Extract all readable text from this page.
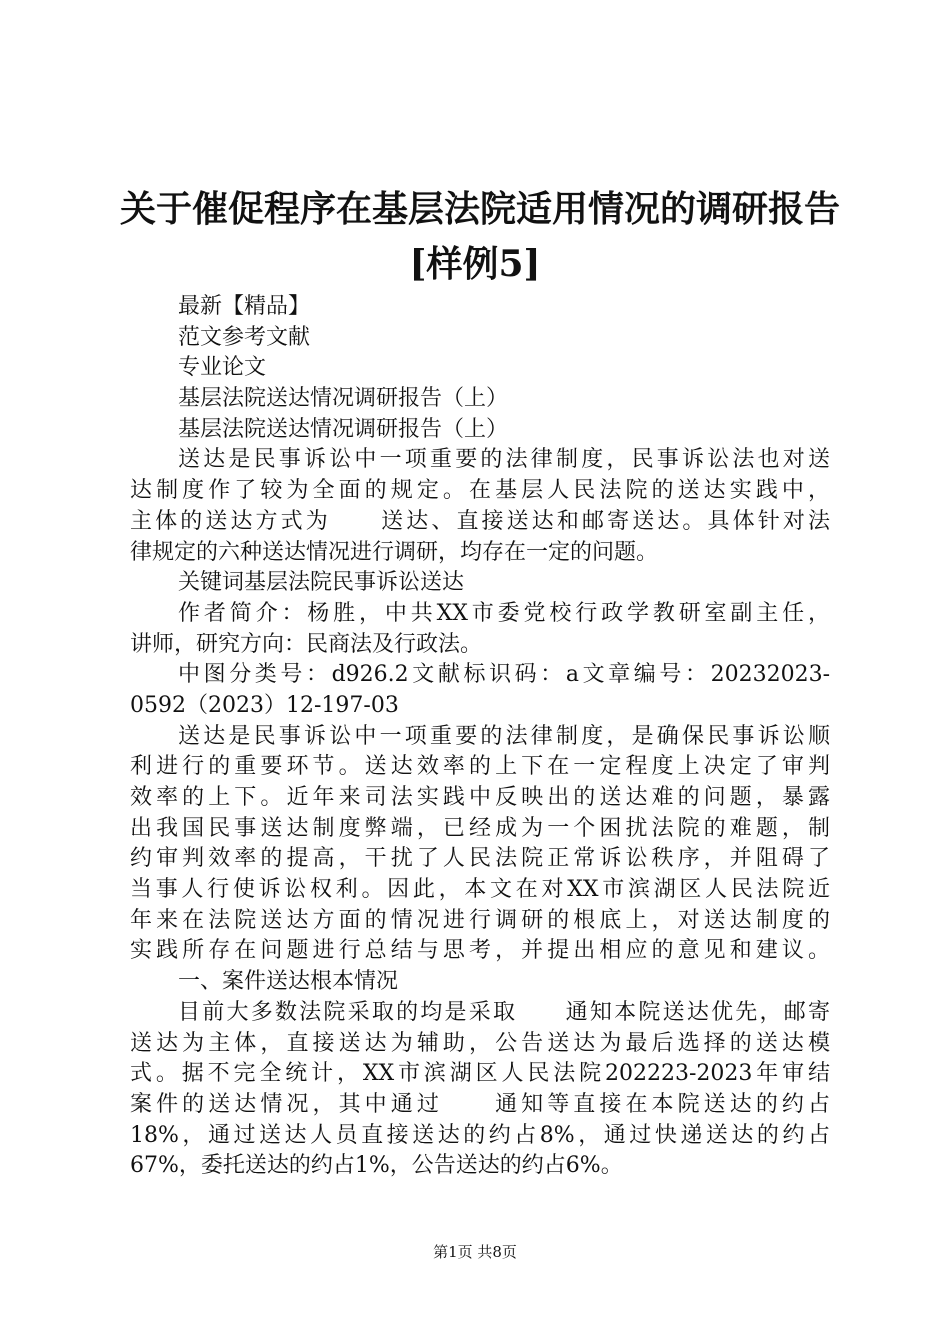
关于催促程序在基层法院适用情况的调研报告
[样例5]
最新【精品】
范文参考文献
专业论文
基层法院送达情况调研报告（上）
基层法院送达情况调研报告（上）
送达是民事诉讼中一项重要的法律制度，民事诉讼法也对送
达制度作了较为全面的规定。在基层人民法院的送达实践中，
主体的送达方式为　　送达、直接送达和邮寄送达。具体针对法
律规定的六种送达情况进行调研，均存在一定的问题。
关键词基层法院民事诉讼送达
作者简介：杨胜，中共XX市委党校行政学教研室副主任，
讲师，研究方向：民商法及行政法。
中图分类号：d926.2文献标识码：a文章编号：20232023-
0592（2023）12-197-03
送达是民事诉讼中一项重要的法律制度，是确保民事诉讼顺
利进行的重要环节。送达效率的上下在一定程度上决定了审判
效率的上下。近年来司法实践中反映出的送达难的问题，暴露
出我国民事送达制度弊端，已经成为一个困扰法院的难题，制
约审判效率的提高，干扰了人民法院正常诉讼秩序，并阻碍了
当事人行使诉讼权利。因此，本文在对XX市滨湖区人民法院近
年来在法院送达方面的情况进行调研的根底上，对送达制度的
实践所存在问题进行总结与思考，并提出相应的意见和建议。
一、案件送达根本情况
目前大多数法院采取的均是采取　　通知本院送达优先，邮寄
送达为主体，直接送达为辅助，公告送达为最后选择的送达模
式。据不完全统计，XX市滨湖区人民法院202223-2023年审结
案件的送达情况，其中通过　　通知等直接在本院送达的约占
18%，通过送达人员直接送达的约占8%，通过快递送达的约占
67%，委托送达的约占1%，公告送达的约占6%。
第1页 共8页
